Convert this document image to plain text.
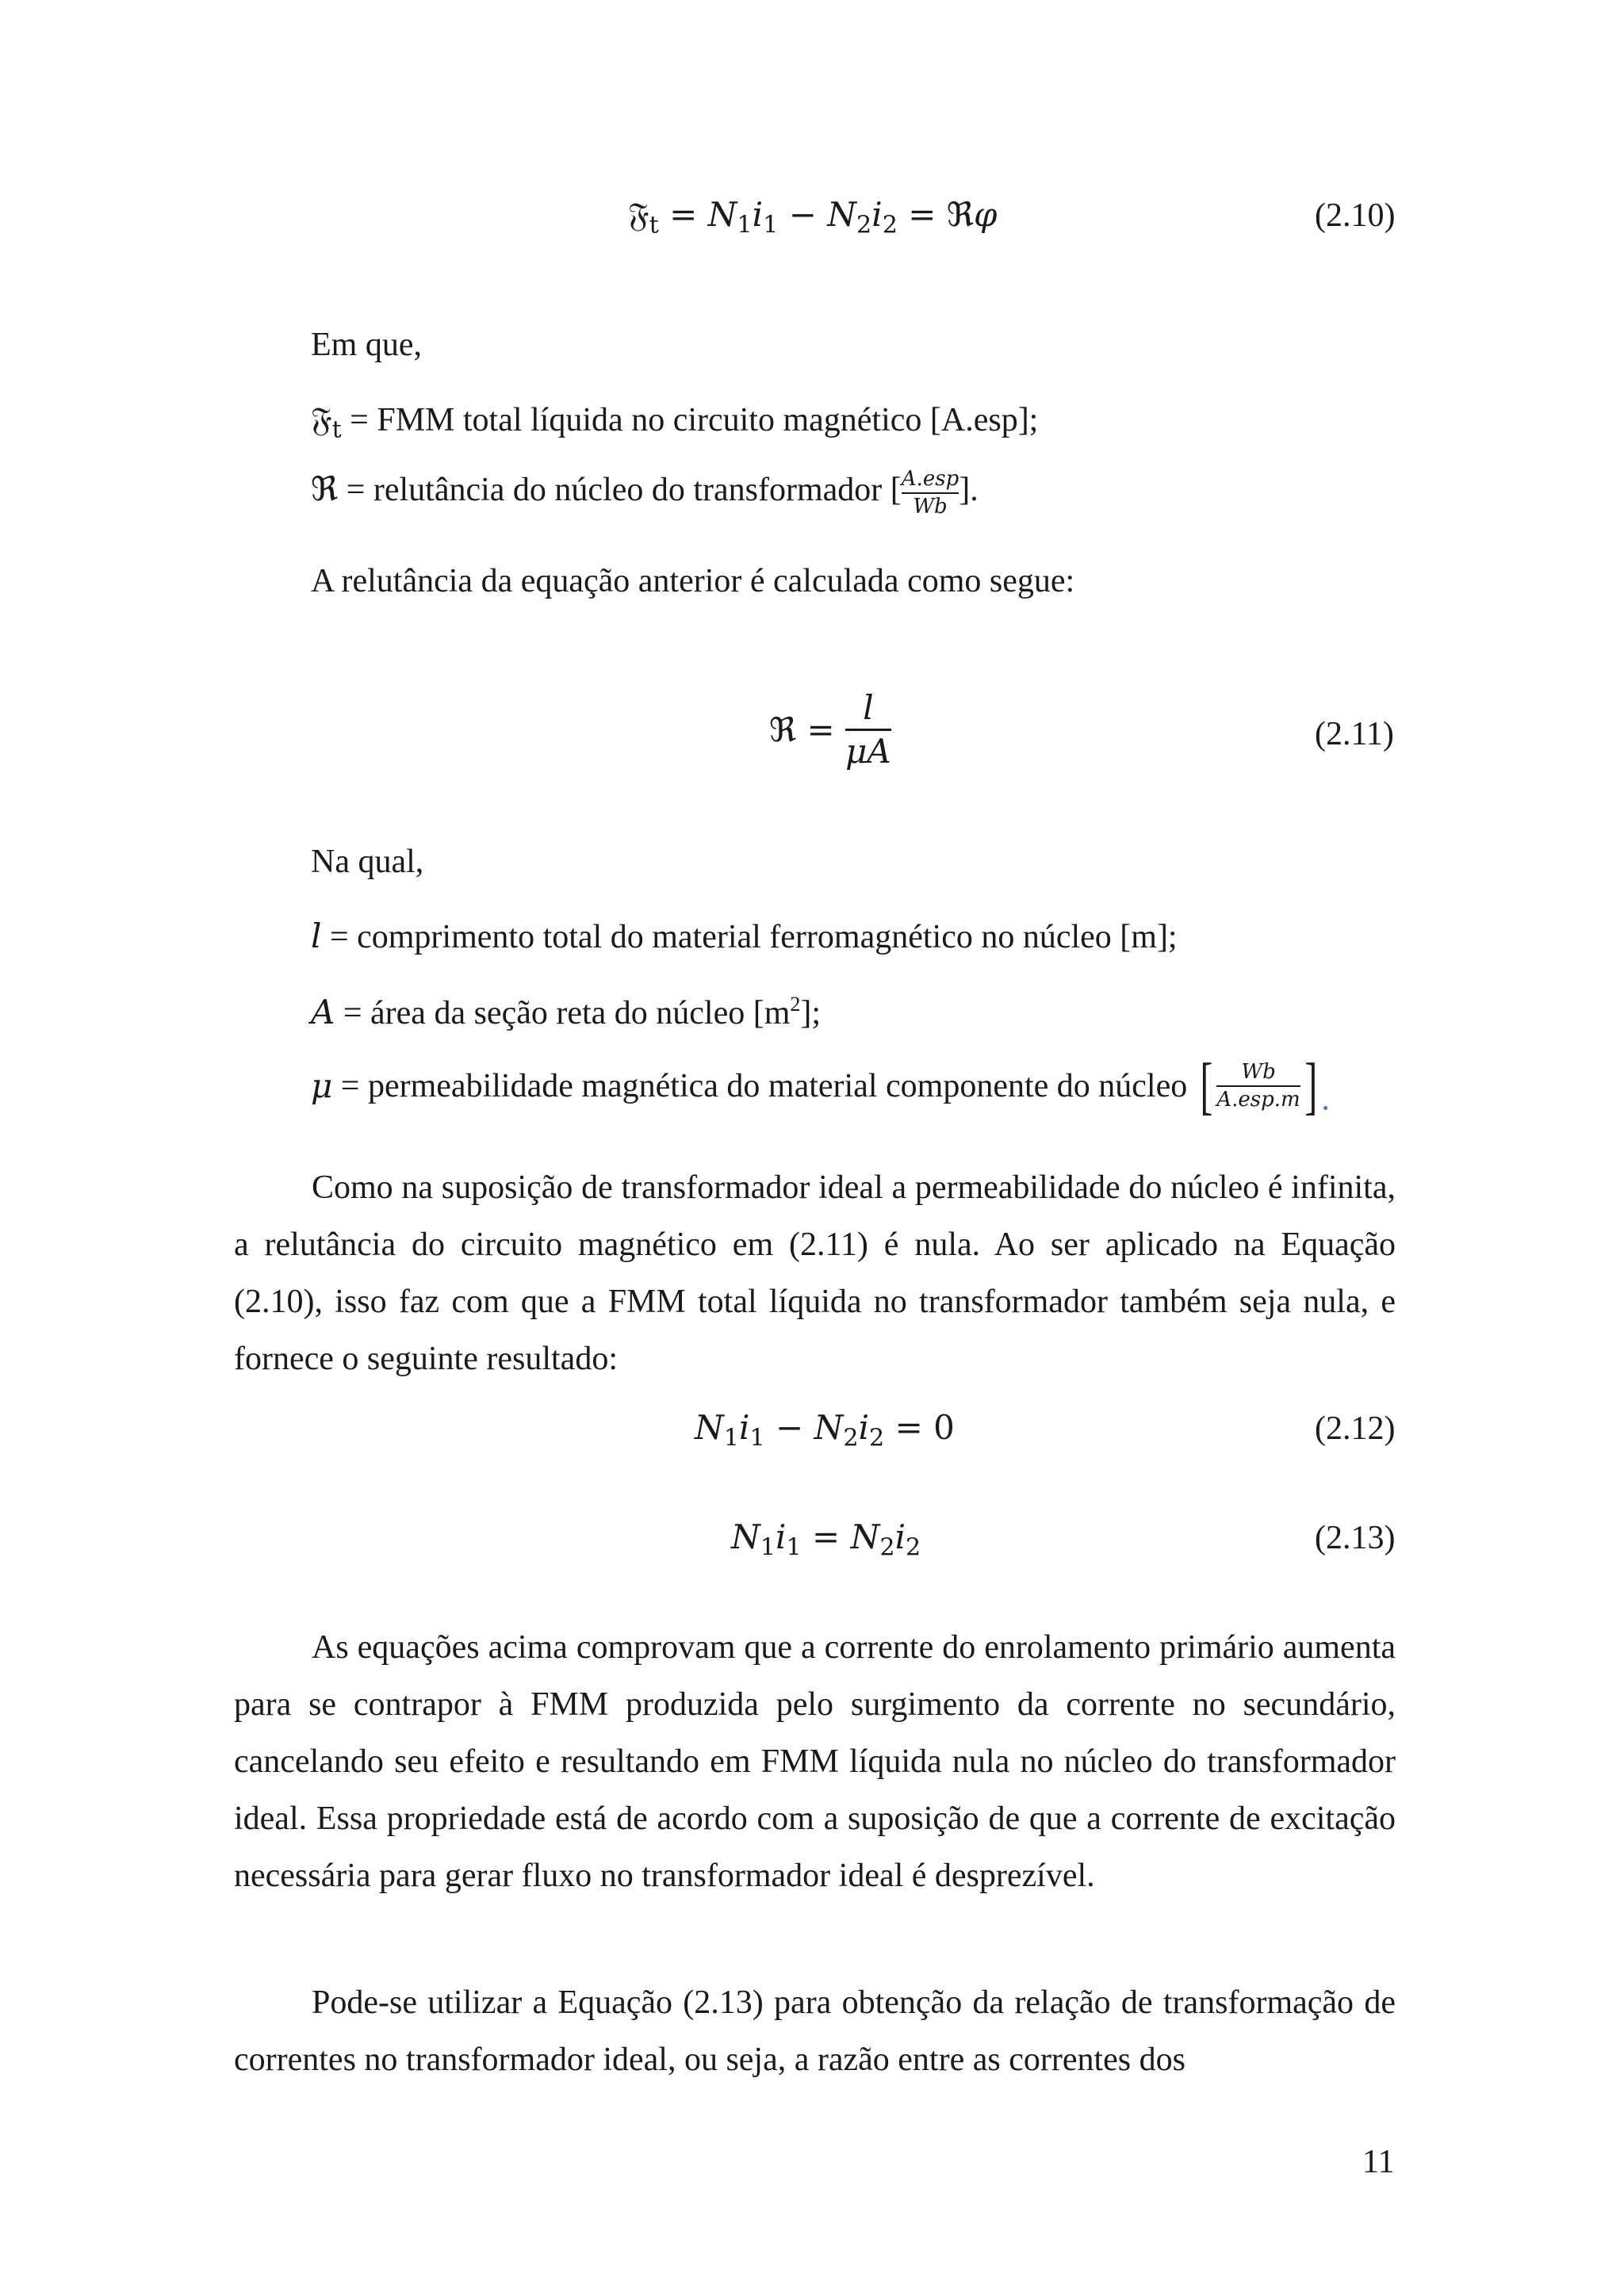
𝔉$_t$ = $N_1i_1 - N_2i_2$ = ℜφ	(2.10)
Em que,
𝔉$_t$ = FMM total líquida no circuito magnético [A.esp];
ℜ = relutância do núcleo do transformador [ $\frac{\text{A.esp}}{Wb}$ ].
A relutância da equação anterior é calculada como segue:
ℜ = $\frac{l}{\mu A}$	(2.11)
Na qual,
l = comprimento total do material ferromagnético no núcleo [m];
A = área da seção reta do núcleo $[m^2]$;
μ = permeabilidade magnética do material componente do núcleo [ $\frac{Wb}{\text{A.esp.m}}$ ] .

Como na suposição de transformador ideal a permeabilidade do núcleo é infinita, a relutância do circuito magnético em (2.11) é nula. Ao ser aplicado na Equação (2.10), isso faz com que a FMM total líquida no transformador também seja nula, e fornece o seguinte resultado:

$N_1i_1 - N_2i_2 = 0$	(2.12)
$N_1i_1 = N_2i_2$	(2.13)

As equações acima comprovam que a corrente do enrolamento primário aumenta para se contrapor à FMM produzida pelo surgimento da corrente no secundário, cancelando seu efeito e resultando em FMM líquida nula no núcleo do transformador ideal. Essa propriedade está de acordo com a suposição de que a corrente de excitação necessária para gerar fluxo no transformador ideal é desprezível.

Pode-se utilizar a Equação (2.13) para obtenção da relação de transformação de correntes no transformador ideal, ou seja, a razão entre as correntes dos

11
